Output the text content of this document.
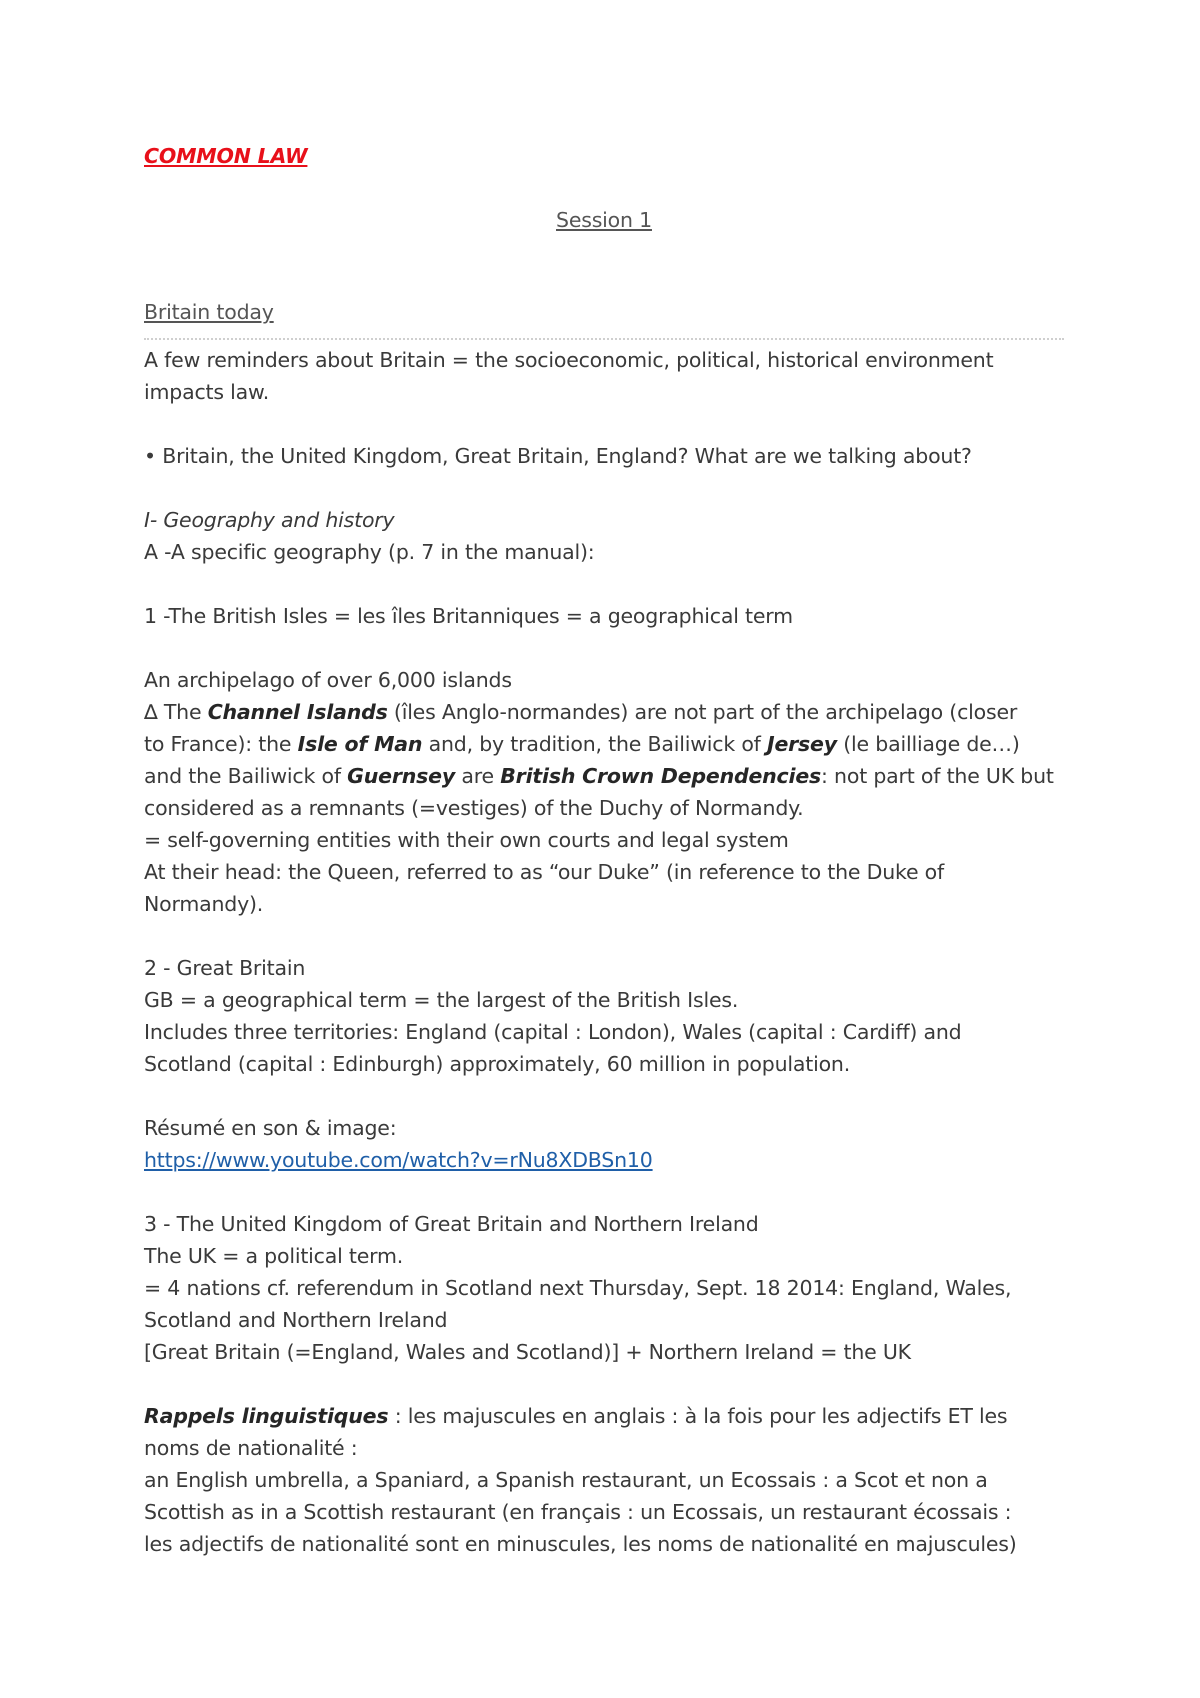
COMMON LAW

Session 1

Britain today

A few reminders about Britain = the socioeconomic, political, historical environment

impacts law.

• Britain, the United Kingdom, Great Britain, England? What are we talking about?

I- Geography and history

A -A specific geography (p. 7 in the manual):

1 -The British Isles = les îles Britanniques = a geographical term

An archipelago of over 6,000 islands

∆ The Channel Islands (îles Anglo-normandes) are not part of the archipelago (closer

to France): the Isle of Man and, by tradition, the Bailiwick of Jersey (le bailliage de…)

and the Bailiwick of Guernsey are British Crown Dependencies: not part of the UK but

considered as a remnants (=vestiges) of the Duchy of Normandy.

= self-governing entities with their own courts and legal system

At their head: the Queen, referred to as “our Duke” (in reference to the Duke of

Normandy).

2 - Great Britain

GB = a geographical term = the largest of the British Isles.

Includes three territories: England (capital : London), Wales (capital : Cardiff) and

Scotland (capital : Edinburgh) approximately, 60 million in population.

Résumé en son & image:

https://www.youtube.com/watch?v=rNu8XDBSn10

3 - The United Kingdom of Great Britain and Northern Ireland

The UK = a political term.

= 4 nations cf. referendum in Scotland next Thursday, Sept. 18 2014: England, Wales,

Scotland and Northern Ireland

[Great Britain (=England, Wales and Scotland)] + Northern Ireland = the UK

Rappels linguistiques : les majuscules en anglais : à la fois pour les adjectifs ET les

noms de nationalité :

an English umbrella, a Spaniard, a Spanish restaurant, un Ecossais : a Scot et non a

Scottish as in a Scottish restaurant (en français : un Ecossais, un restaurant écossais :

les adjectifs de nationalité sont en minuscules, les noms de nationalité en majuscules)
